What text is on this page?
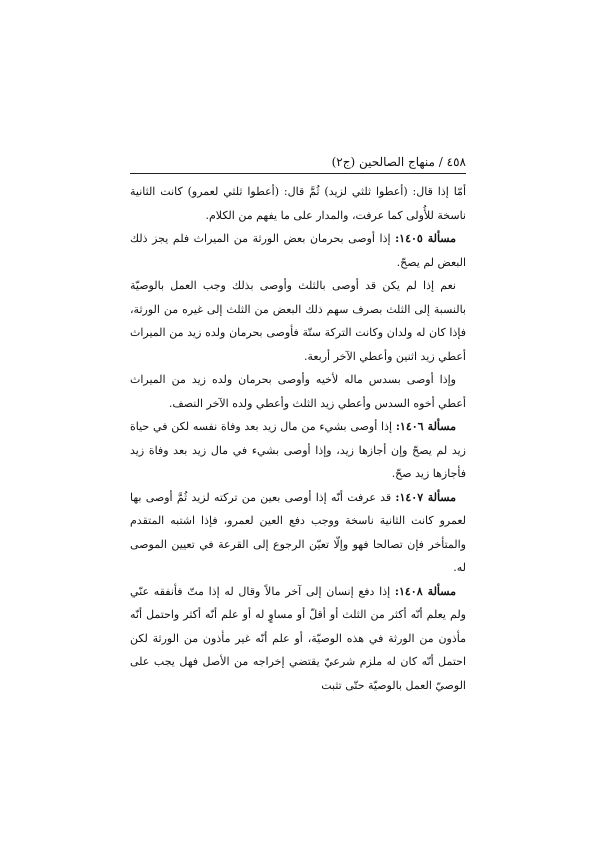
٤٥٨ / منهاج الصالحين (ج٢)

أمّا إذا قال: (أعطوا ثلثي لزيد) ثُمَّ قال: (أعطوا ثلثي لعمرو) كانت الثانية ناسخة للأُولى كما عرفت، والمدار على ما يفهم من الكلام.

مسألة ١٤٠٥: إذا أوصى بحرمان بعض الورثة من الميراث فلم يجز ذلك البعض لم يصحّ.

نعم إذا لم يكن قد أوصى بالثلث وأوصى بذلك وجب العمل بالوصيّة بالنسبة إلى الثلث بصرف سهم ذلك البعض من الثلث إلى غيره من الورثة، فإذا كان له ولدان وكانت التركة ستّة فأوصى بحرمان ولده زيد من الميراث أعطي زيد اثنين وأعطي الآخر أربعة.

وإذا أوصى بسدس ماله لأخيه وأوصى بحرمان ولده زيد من الميراث أعطي أخوه السدس وأعطي زيد الثلث وأعطي ولده الآخر النصف.

مسألة ١٤٠٦: إذا أوصى بشيء من مال زيد بعد وفاة نفسه لكن في حياة زيد لم يصحّ وإن أجازها زيد، وإذا أوصى بشيء في مال زيد بعد وفاة زيد فأجازها زيد صحّ.

مسألة ١٤٠٧: قد عرفت أنّه إذا أوصى بعين من تركته لزيد ثُمَّ أوصى بها لعمرو كانت الثانية ناسخة ووجب دفع العين لعمرو، فإذا اشتبه المتقدم والمتأخر فإن تصالحا فهو وإلّا تعيّن الرجوع إلى القرعة في تعيين الموصى له.

مسألة ١٤٠٨: إذا دفع إنسان إلى آخر مالاً وقال له إذا متّ فأنفقه عنّي ولم يعلم أنّه أكثر من الثلث أو أقلّ أو مساوٍ له أو علم أنّه أكثر واحتمل أنّه مأذون من الورثة في هذه الوصيّة، أو علم أنّه غير مأذون من الورثة لكن احتمل أنّه كان له ملزم شرعيّ يقتضي إخراجه من الأصل فهل يجب على الوصيّ العمل بالوصيّة حتّى تثبت
